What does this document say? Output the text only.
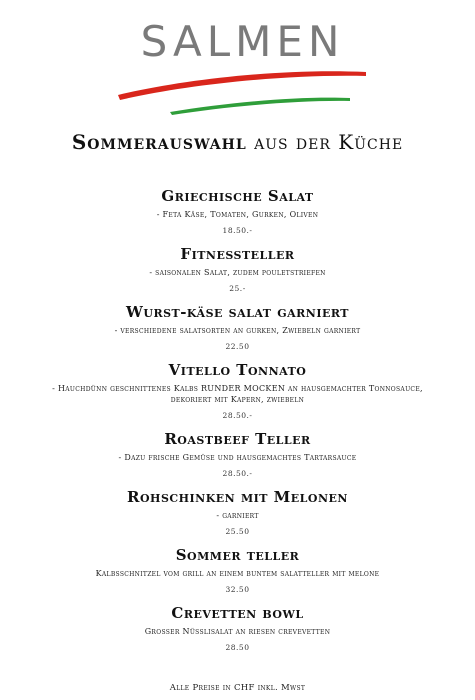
SALMEN
Sommerauswahl aus der Küche
Griechische Salat
- Feta Käse, Tomaten, Gurken, Oliven
18.50.-
Fitnessteller
- saisonalen Salat, zudem pouletstriefen
25.-
Wurst-käse salat garniert
- verschiedene salatsorten an gurken, Zwiebeln garniert
22.50
Vitello Tonnato
- Hauchdünn geschnittenes Kalbs RUNDER MOCKEN an hausgemachter Tonnosauce, dekoriert mit Kapern, zwiebeln
28.50.-
Roastbeef Teller
- Dazu frische Gemüse und hausgemachtes Tartarsauce
28.50.-
Rohschinken mit Melonen
- garniert
25.50
Sommer teller
Kalbsschnitzel vom grill an einem buntem salatteller mit melone
32.50
Crevetten bowl
Grosser Nüsslisalat an riesen crevevetten
28.50
Alle Preise in CHF inkl. Mwst
